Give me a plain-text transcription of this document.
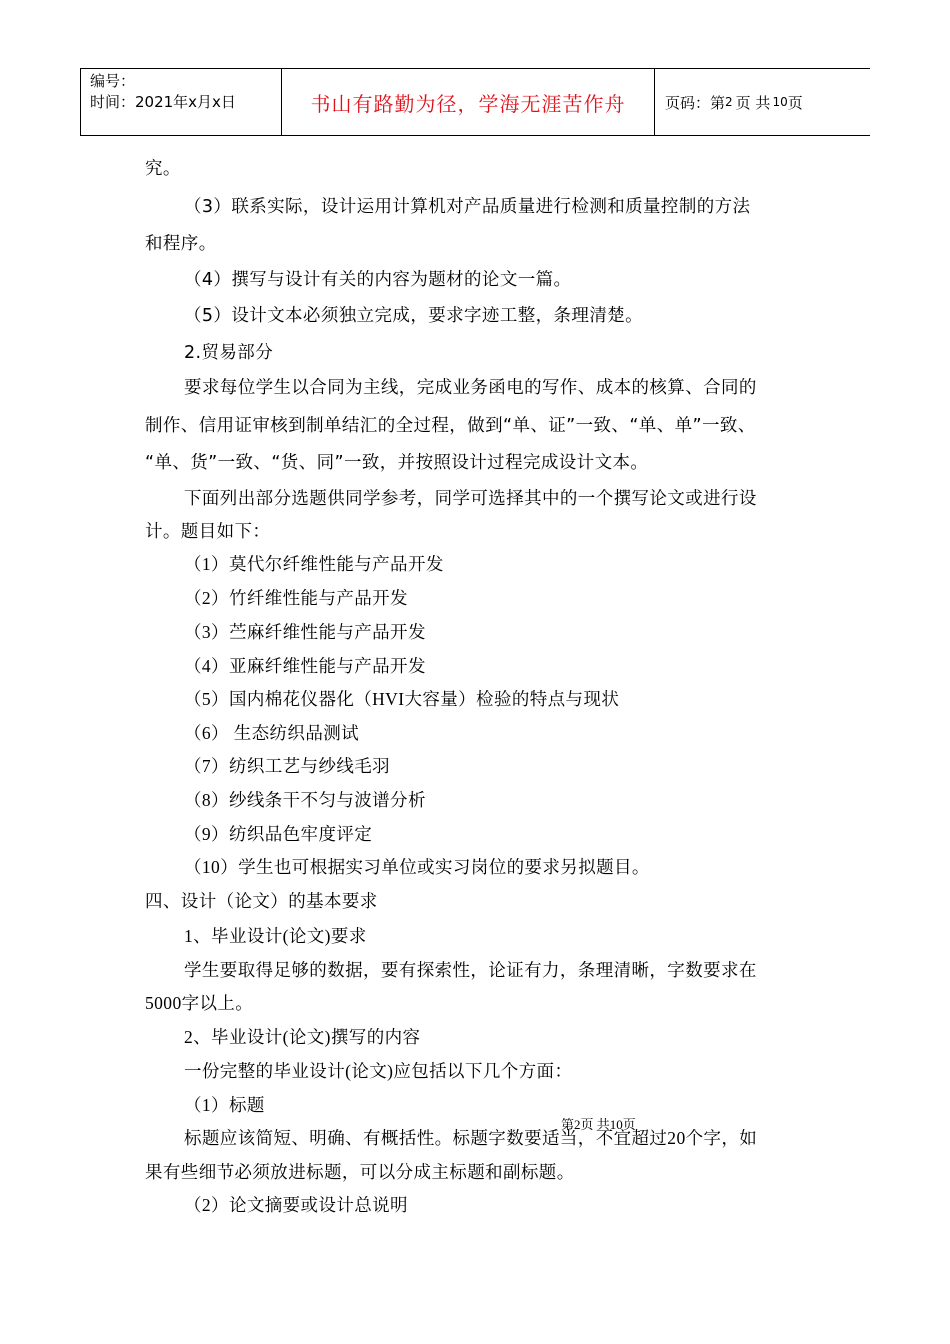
编号：
时间：2021年x月x日	书山有路勤为径，学海无涯苦作舟	页码：第 2 页 共 10 页
究。
（3）联系实际，设计运用计算机对产品质量进行检测和质量控制的方法
和程序。
（4）撰写与设计有关的内容为题材的论文一篇。
（5）设计文本必须独立完成，要求字迹工整，条理清楚。
2.贸易部分
要求每位学生以合同为主线，完成业务函电的写作、成本的核算、合同的
制作、信用证审核到制单结汇的全过程，做到“单、证”一致、“单、单”一致、
“单、货”一致、“货、同”一致，并按照设计过程完成设计文本。
下面列出部分选题供同学参考，同学可选择其中的一个撰写论文或进行设
计。题目如下：
（1）莫代尔纤维性能与产品开发
（2）竹纤维性能与产品开发
（3）苎麻纤维性能与产品开发
（4）亚麻纤维性能与产品开发
（5）国内棉花仪器化（HVI大容量）检验的特点与现状
（6） 生态纺织品测试
（7）纺织工艺与纱线毛羽
（8）纱线条干不匀与波谱分析
（9）纺织品色牢度评定
（10）学生也可根据实习单位或实习岗位的要求另拟题目。
四、设计（论文）的基本要求
1、毕业设计(论文)要求
学生要取得足够的数据，要有探索性，论证有力，条理清晰，字数要求在
5000字以上。
2、毕业设计(论文)撰写的内容
一份完整的毕业设计(论文)应包括以下几个方面：
（1）标题
标题应该简短、明确、有概括性。标题字数要适当，不宜超过20个字，如
果有些细节必须放进标题，可以分成主标题和副标题。
（2）论文摘要或设计总说明
第2页 共10页
